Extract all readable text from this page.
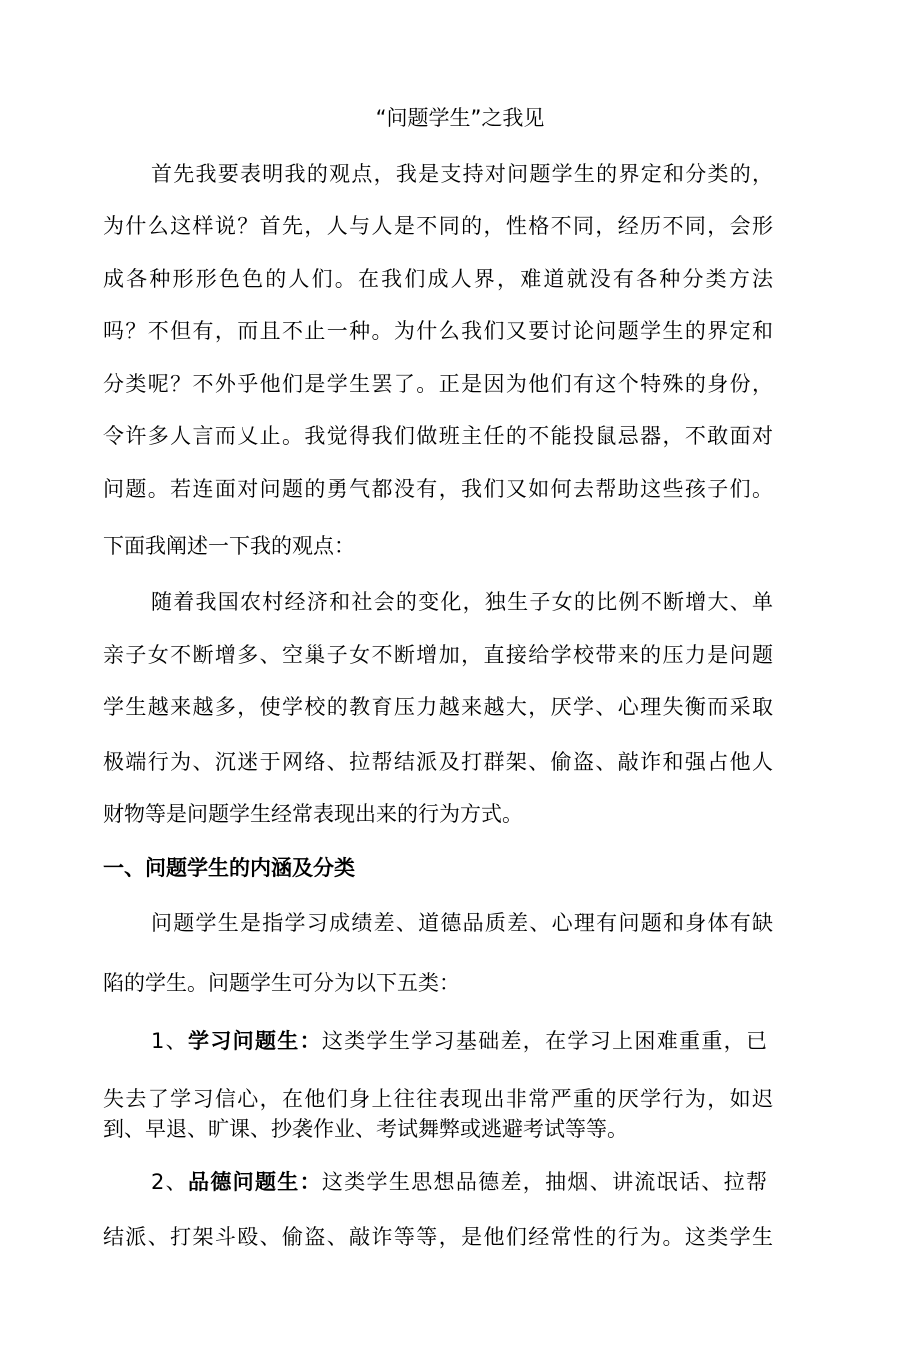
“问题学生”之我见

首先我要表明我的观点，我是支持对问题学生的界定和分类的，

为什么这样说？首先，人与人是不同的，性格不同，经历不同，会形

成各种形形色色的人们。在我们成人界，难道就没有各种分类方法

吗？不但有，而且不止一种。为什么我们又要讨论问题学生的界定和

分类呢？不外乎他们是学生罢了。正是因为他们有这个特殊的身份，

令许多人言而乂止。我觉得我们做班主任的不能投鼠忌器，不敢面对

问题。若连面对问题的勇气都没有，我们又如何去帮助这些孩子们。

下面我阐述一下我的观点：

随着我国农村经济和社会的变化，独生子女的比例不断增大、单

亲子女不断增多、空巢子女不断增加，直接给学校带来的压力是问题

学生越来越多，使学校的教育压力越来越大，厌学、心理失衡而采取

极端行为、沉迷于网络、拉帮结派及打群架、偷盗、敲诈和强占他人

财物等是问题学生经常表现出来的行为方式。

一、问题学生的内涵及分类

问题学生是指学习成绩差、道德品质差、心理有问题和身体有缺

陷的学生。问题学生可分为以下五类：

1、学习问题生：这类学生学习基础差，在学习上困难重重，已

失去了学习信心，在他们身上往往表现出非常严重的厌学行为，如迟

到、早退、旷课、抄袭作业、考试舞弊或逃避考试等等。

2、品德问题生：这类学生思想品德差，抽烟、讲流氓话、拉帮

结派、打架斗殴、偷盗、敲诈等等，是他们经常性的行为。这类学生
